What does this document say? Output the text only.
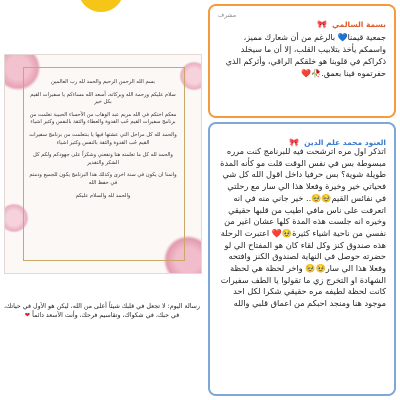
بسم الله الرحمن الرحيم والحمد لله رب العالمين

سلام عليكم ورحمة الله وبركاته، أسعد الله مساءكم يا سفيرات القيم بكل خير

معكم اختكم في الله مريم عبد الوهاب من الأحساء الحبيبة تعلمت من برنامج سفيرات القيم حُب القدوة والعطاء والثقة بالنفس وكثير اشياء

والحمد لله كل مراحل التي عشتها فيها يا بنتعلمت من برنامج سفيرات القيم حُب القدوة والثقة بالنفس وكثير اشياء

والحمد لله كل ما تعلمته هنا ونفعني وشكراً على جهودكم ولكم كل الشكر والتقدير

واتمنا ان يكون في سنة اخرى وكذلك هذا البرنامج يكون للجميع ودمتم في حفظ الله

والحمد لله والسلام عليكم

رسالة اليوم: لا تجعل في قلبك شيئاً أعلى من الله، ليكن هو الأول في حياتك، في حبك، في شكواك، وتقاسيم فرحك، وأنت الأسعد دائماً ❤
بسمة السالمي 🎀
مشرف
جمعية قيمنا💙 بالرغم من أن شعارك مميز، واسمكم يأخذ بتلابيب القلب، إلا أن ما سيخلد ذكراكم في قلوبنا هو خلقكم الراقي، وأثركم الذي حفرتموه فينا بعمق.🥀❤️
العنود محمد علم الدين 🎀
اتذكر اول مره اترشحت فيه للبرنامج كنت مرره مبسوطة بس في نفس الوقت قلت مو كأنه المدة طويلة شوية؟ بس حرفيا داخل اقول الله كل شي فحياتي خير وخيرة وفعلا هذا الي سار مع رحلتي في نفائس القيم🥹🥹.. خير جاني منه في انه اتعرفت على ناس مافي اطيب من قلبها حقيقي وخيره انه جلست هذه المدة كلها عشان اغير من نفسي من ناحية اشياء كثيرة🥹❤️ اعتبرت الرحلة هذه صندوق كنز وكل لقاء كان هو المفتاح الي لو حضرته حوصل في النهاية لصندوق الكنز وافتحه وفعلا هذا الي سار🥹🥹 واخر لحظة هي لحظة الشهادة او التخرج زي ما تقولوا يا الطف سفيرات كانت لحظة لطيفه مره حقيقي شكرا لكل احد موجود هنا ومنجد احبكم من اعماق قلبي والله
